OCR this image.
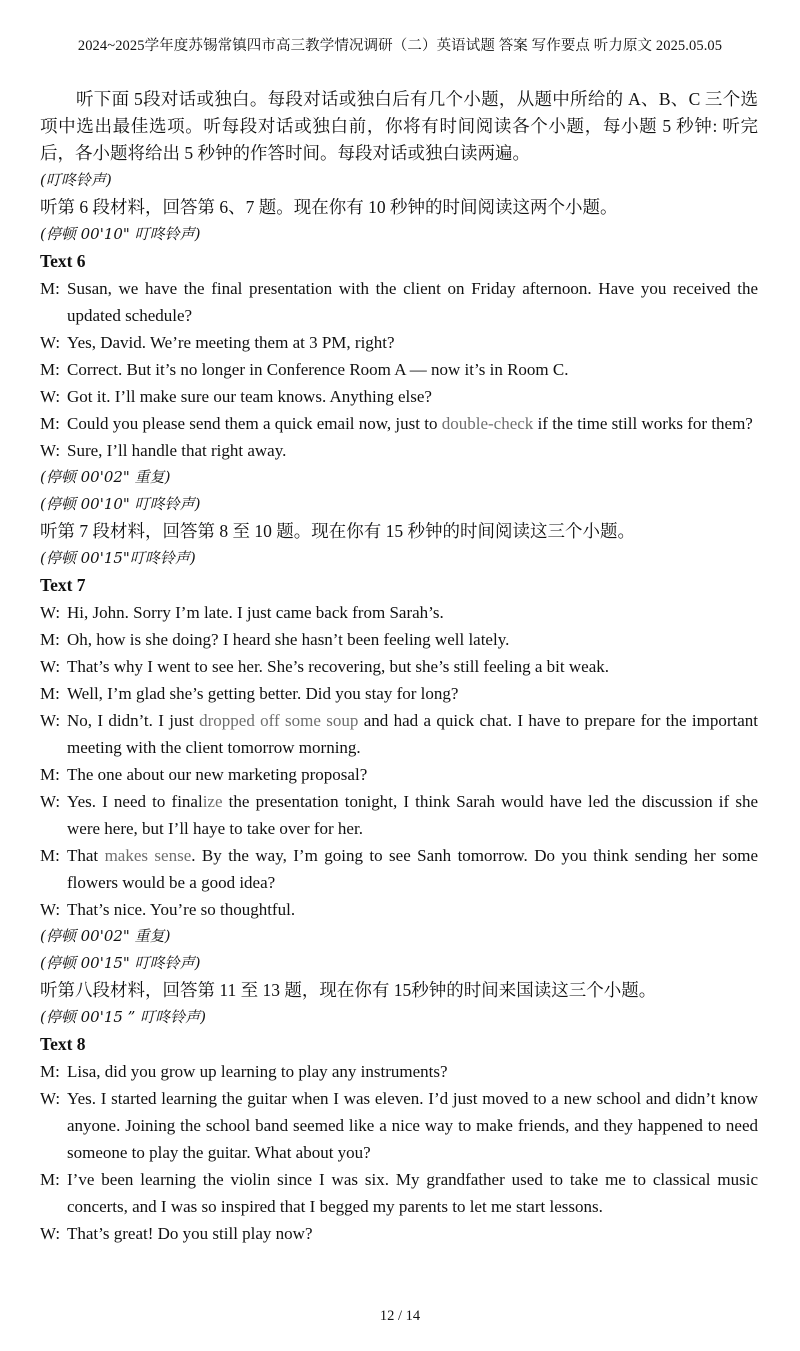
2024~2025学年度苏锡常镇四市高三教学情况调研（二）英语试题 答案 写作要点 听力原文 2025.05.05

听下面 5段对话或独白。每段对话或独白后有几个小题，从题中所给的 A、B、C 三个选项中选出最佳选项。听每段对话或独白前，你将有时间阅读各个小题，每小题 5 秒钟: 听完后，各小题将给出 5 秒钟的作答时间。每段对话或独白读两遍。

(叮咚铃声)

听第 6 段材料，回答第 6、7 题。现在你有 10 秒钟的时间阅读这两个小题。

(停顿 00'10" 叮咚铃声)

Text 6

M: Susan, we have the final presentation with the client on Friday afternoon. Have you received the updated schedule?
W: Yes, David. We’re meeting them at 3 PM, right?
M: Correct. But it’s no longer in Conference Room A — now it’s in Room C.
W: Got it. I’ll make sure our team knows. Anything else?
M: Could you please send them a quick email now, just to double-check if the time still works for them?
W: Sure, I’ll handle that right away.

(停顿 00'02" 重复)

(停顿 00'10" 叮咚铃声)

听第 7 段材料，回答第 8 至 10 题。现在你有 15 秒钟的时间阅读这三个小题。

(停顿 00'15"叮咚铃声)

Text 7

W: Hi, John. Sorry I’m late. I just came back from Sarah’s.
M: Oh, how is she doing? I heard she hasn’t been feeling well lately.
W: That’s why I went to see her. She’s recovering, but she’s still feeling a bit weak.
M: Well, I’m glad she’s getting better. Did you stay for long?
W: No, I didn’t. I just dropped off some soup and had a quick chat. I have to prepare for the important meeting with the client tomorrow morning.
M: The one about our new marketing proposal?
W: Yes. I need to finalize the presentation tonight, I think Sarah would have led the discussion if she were here, but I’ll haye to take over for her.
M: That makes sense. By the way, I’m going to see Sanh tomorrow. Do you think sending her some flowers would be a good idea?
W: That’s nice. You’re so thoughtful.

(停顿 00'02" 重复)

(停顿 00'15" 叮咚铃声)

听第八段材料，回答第 11 至 13 题，现在你有 15秒钟的时间来国读这三个小题。

(停顿 00'15 ” 叮咚铃声)

Text 8

M: Lisa, did you grow up learning to play any instruments?
W: Yes. I started learning the guitar when I was eleven. I’d just moved to a new school and didn’t know anyone. Joining the school band seemed like a nice way to make friends, and they happened to need someone to play the guitar. What about you?
M: I’ve been learning the violin since I was six. My grandfather used to take me to classical music concerts, and I was so inspired that I begged my parents to let me start lessons.
W: That’s great! Do you still play now?
12 / 14
